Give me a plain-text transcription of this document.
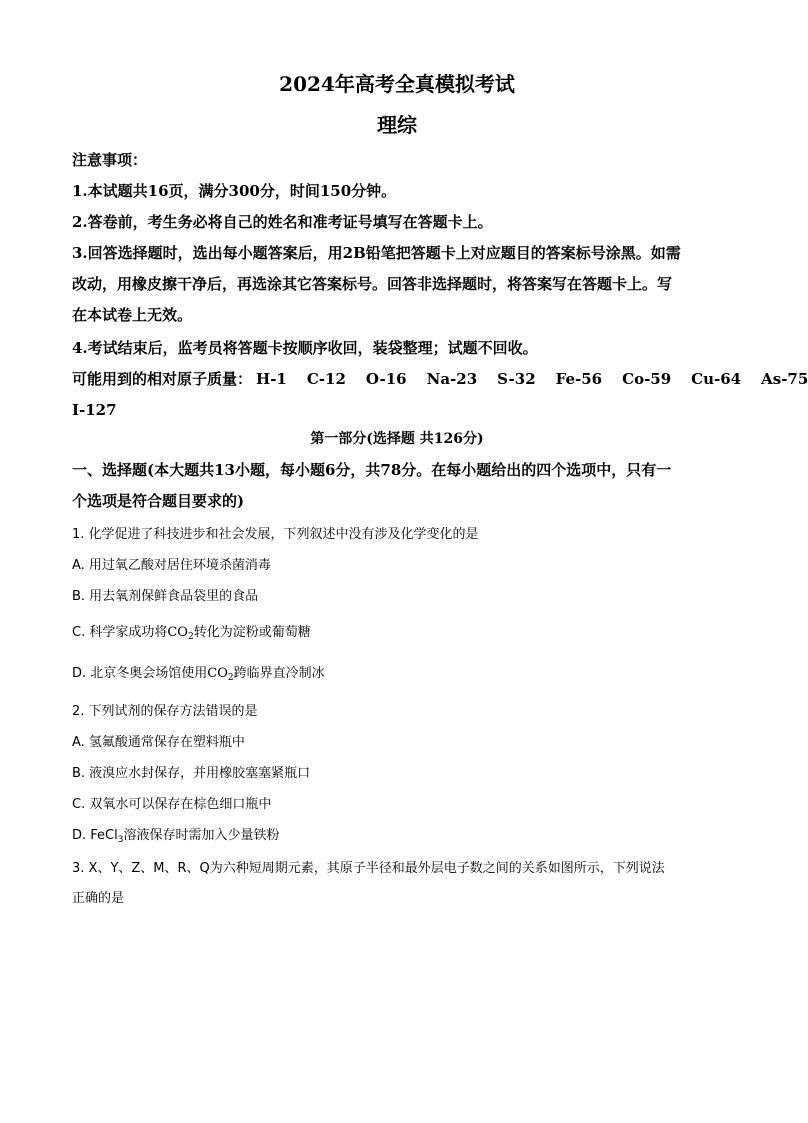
2024年高考全真模拟考试
理综
注意事项：
1.本试题共16页，满分300分，时间150分钟。
2.答卷前，考生务必将自己的姓名和准考证号填写在答题卡上。
3.回答选择题时，选出每小题答案后，用2B铅笔把答题卡上对应题目的答案标号涂黑。如需
改动，用橡皮擦干净后，再选涂其它答案标号。回答非选择题时，将答案写在答题卡上。写
在本试卷上无效。
4.考试结束后，监考员将答题卡按顺序收回，装袋整理；试题不回收。
可能用到的相对原子质量： H-1 C-12 O-16 Na-23 S-32 Fe-56 Co-59 Cu-64 As-75
I-127
第一部分(选择题 共126分)
一、选择题(本大题共13小题，每小题6分，共78分。在每小题给出的四个选项中，只有一
个选项是符合题目要求的)
1. 化学促进了科技进步和社会发展，下列叙述中没有涉及化学变化的是
A. 用过氧乙酸对居住环境杀菌消毒
B. 用去氧剂保鲜食品袋里的食品
C. 科学家成功将$CO_2$转化为淀粉或葡萄糖
D. 北京冬奥会场馆使用$CO_2$跨临界直冷制冰
2. 下列试剂的保存方法错误的是
A. 氢氟酸通常保存在塑料瓶中
B. 液溴应水封保存，并用橡胶塞塞紧瓶口
C. 双氧水可以保存在棕色细口瓶中
D. FeCl$_3$溶液保存时需加入少量铁粉
3. X、Y、Z、M、R、Q为六种短周期元素，其原子半径和最外层电子数之间的关系如图所示，下列说法
正确的是
